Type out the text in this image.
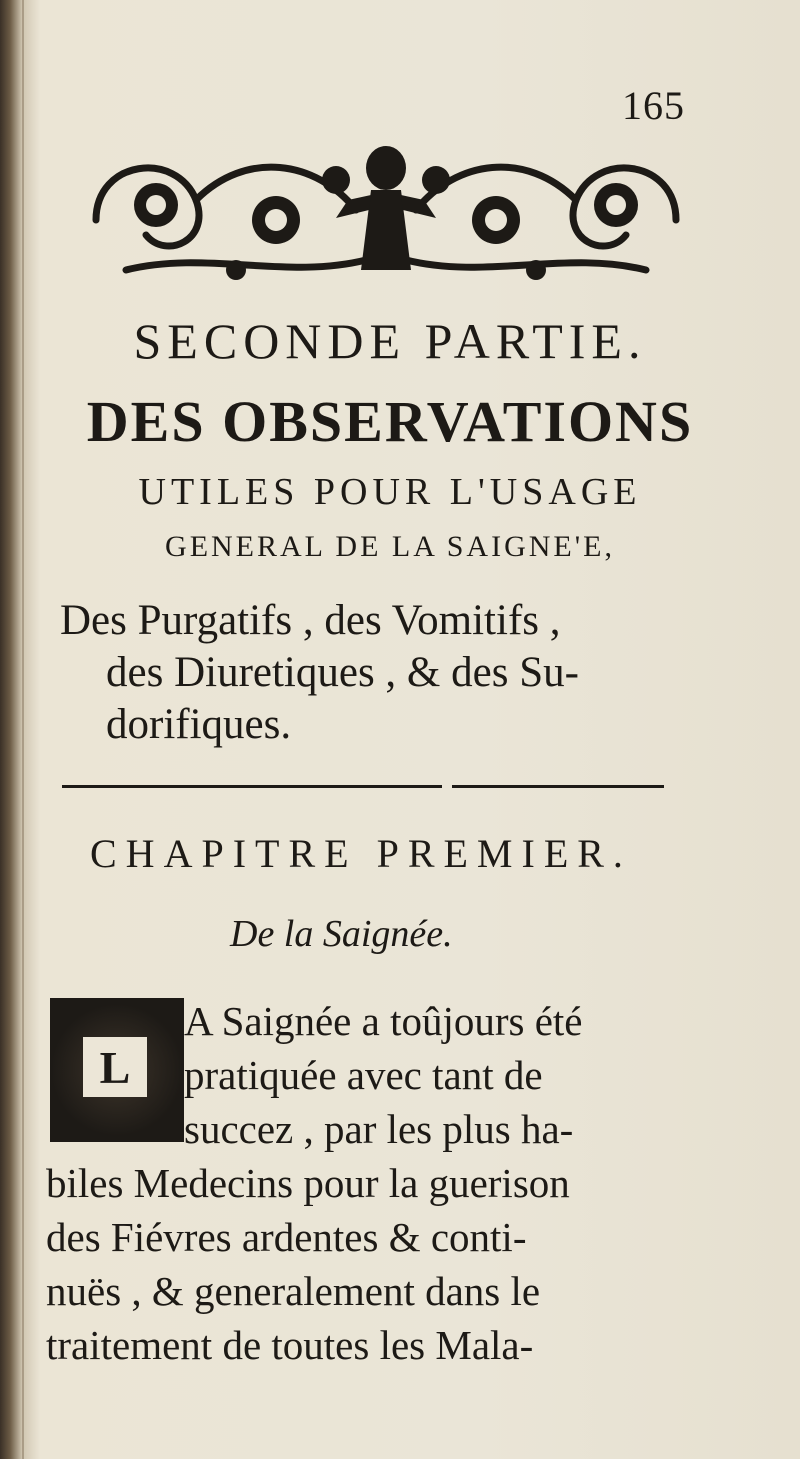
165
SECONDE PARTIE.
DES OBSERVATIONS
UTILES POUR L'USAGE
GENERAL DE LA SAIGNE'E,
Des Purgatifs , des Vomitifs ,
des Diuretiques , & des Su-
dorifiques.
CHAPITRE PREMIER.
De la Saignée.
L
A Saignée a toûjours été
pratiquée avec tant de
succez , par les plus ha-
biles Medecins pour la guerison
des Fiévres ardentes & conti-
nuës , & generalement dans le
traitement de toutes les Mala-
